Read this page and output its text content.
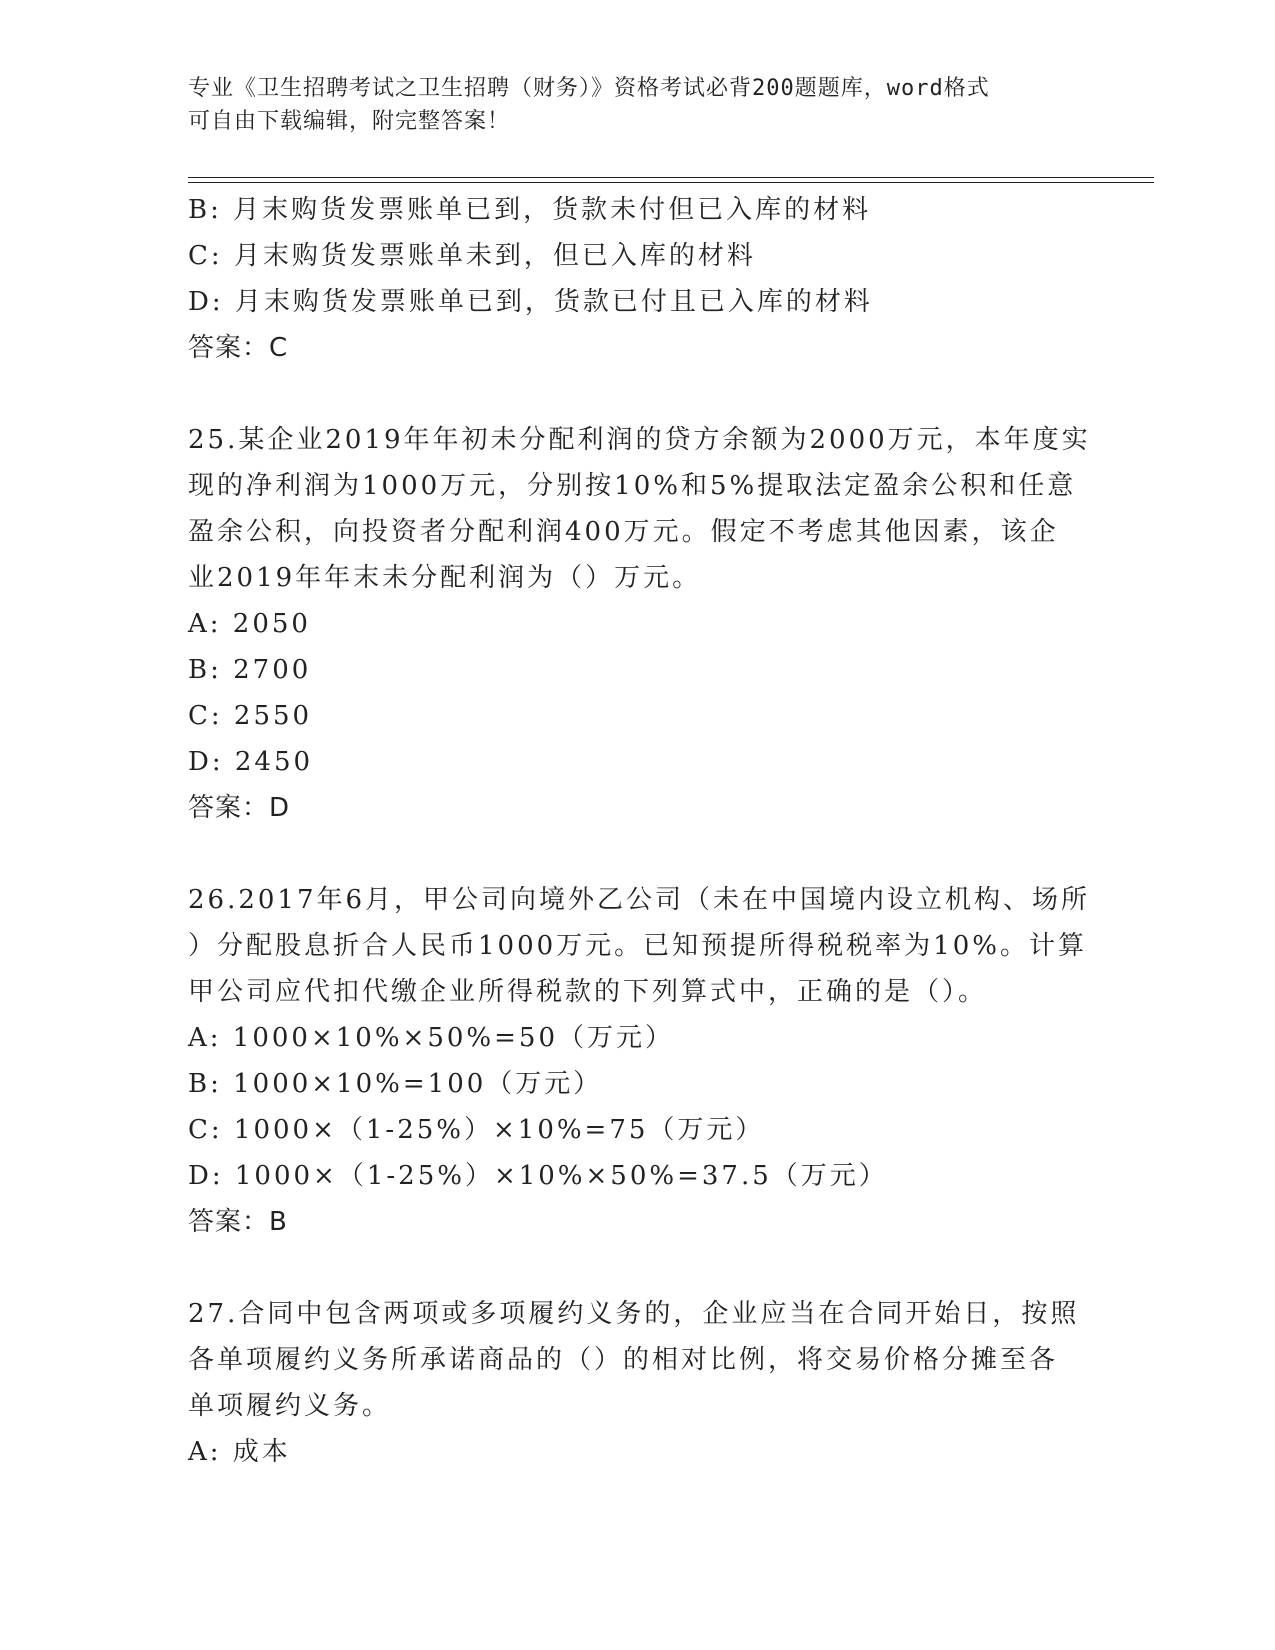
专业《卫生招聘考试之卫生招聘（财务）》资格考试必背200题题库，word格式
可自由下载编辑，附完整答案！
B: 月末购货发票账单已到，货款未付但已入库的材料
C: 月末购货发票账单未到，但已入库的材料
D: 月末购货发票账单已到，货款已付且已入库的材料
答案：C
25.某企业2019年年初未分配利润的贷方余额为2000万元，本年度实
现的净利润为1000万元，分别按10%和5%提取法定盈余公积和任意
盈余公积，向投资者分配利润400万元。假定不考虑其他因素，该企
业2019年年末未分配利润为（）万元。
A: 2050
B: 2700
C: 2550
D: 2450
答案：D
26.2017年6月，甲公司向境外乙公司（未在中国境内设立机构、场所
）分配股息折合人民币1000万元。已知预提所得税税率为10%。计算
甲公司应代扣代缴企业所得税款的下列算式中，正确的是（）。
A: 1000×10%×50%=50（万元）
B: 1000×10%=100（万元）
C: 1000×（1-25%）×10%=75（万元）
D: 1000×（1-25%）×10%×50%=37.5（万元）
答案：B
27.合同中包含两项或多项履约义务的，企业应当在合同开始日，按照
各单项履约义务所承诺商品的（）的相对比例，将交易价格分摊至各
单项履约义务。
A: 成本
